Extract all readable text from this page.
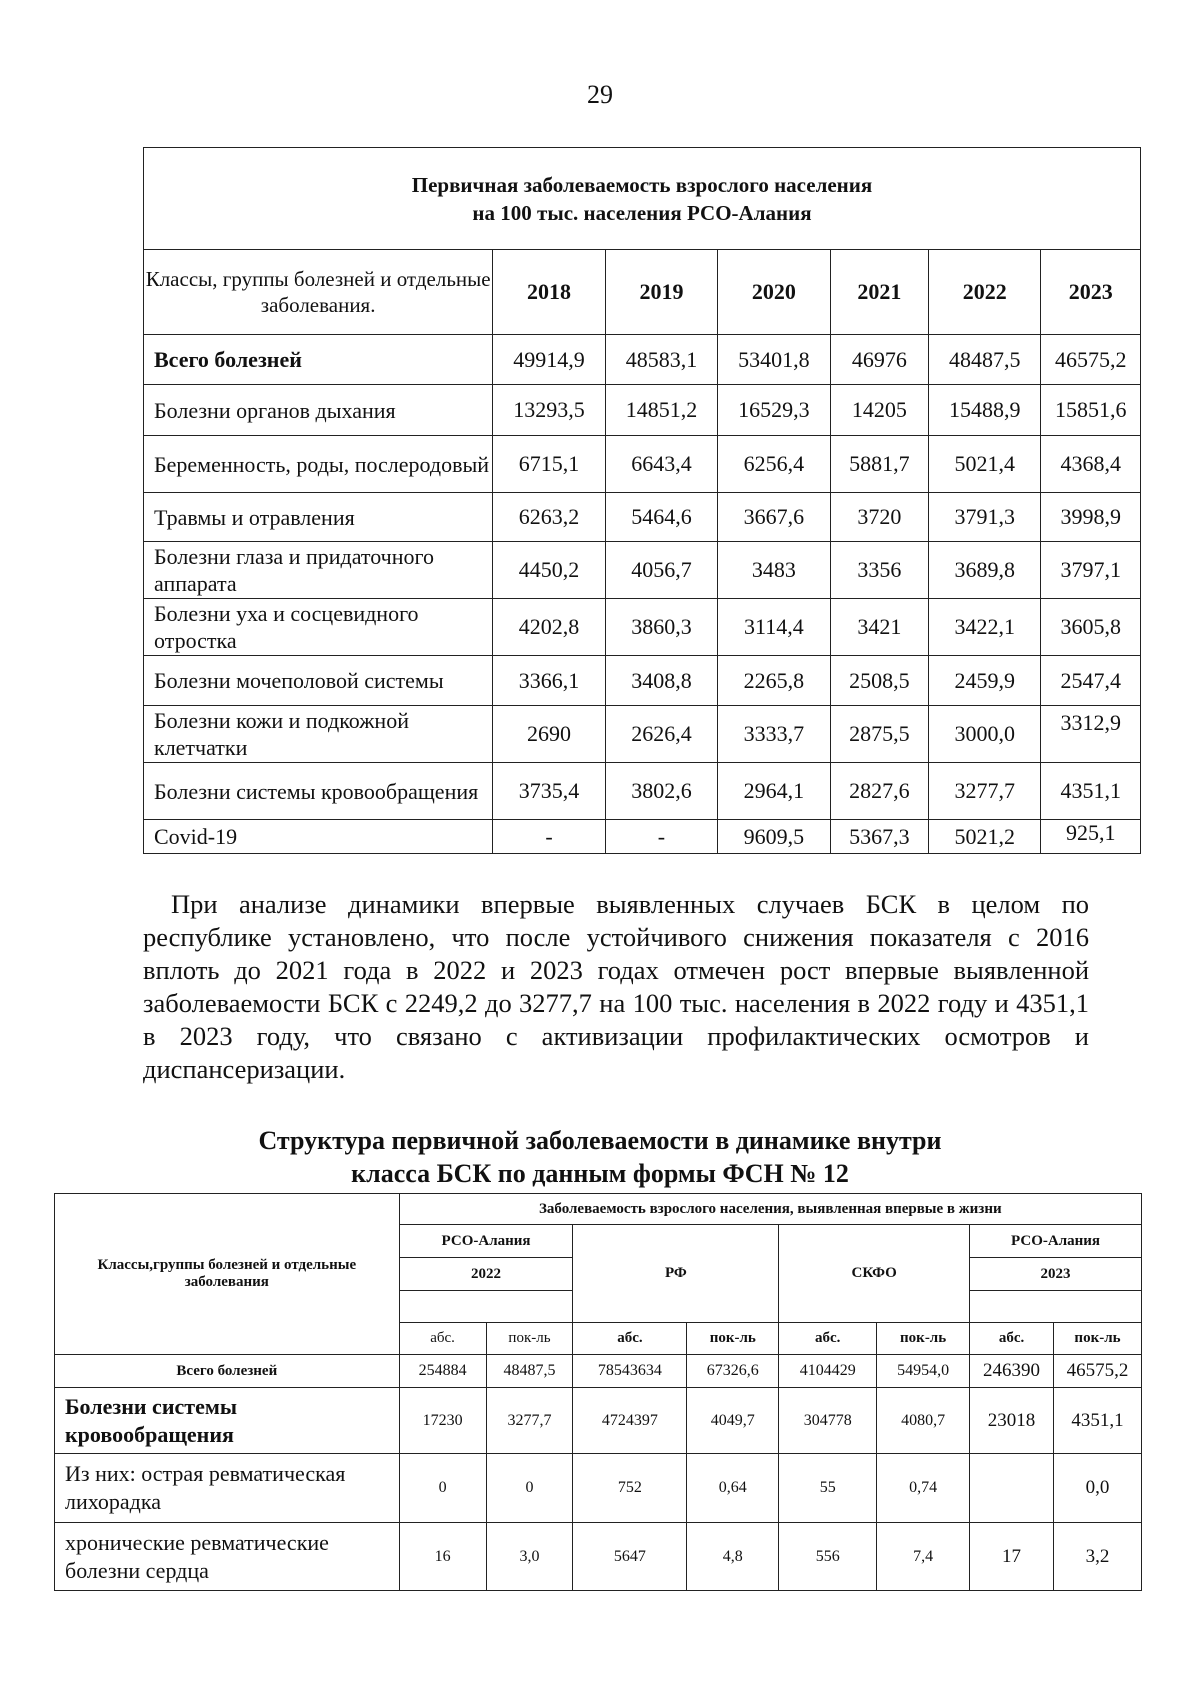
29
Первичная заболеваемость взрослого населения
на 100 тыс. населения РСО-Алания						
Классы, группы болезней и отдельные заболевания.	2018	2019	2020	2021	2022	2023
Всего болезней	49914,9	48583,1	53401,8	46976	48487,5	46575,2
Болезни органов дыхания	13293,5	14851,2	16529,3	14205	15488,9	15851,6
Беременность, роды, послеродовый	6715,1	6643,4	6256,4	5881,7	5021,4	4368,4
Травмы и отравления	6263,2	5464,6	3667,6	3720	3791,3	3998,9
Болезни глаза и придаточного аппарата	4450,2	4056,7	3483	3356	3689,8	3797,1
Болезни уха и сосцевидного отростка	4202,8	3860,3	3114,4	3421	3422,1	3605,8
Болезни мочеполовой системы	3366,1	3408,8	2265,8	2508,5	2459,9	2547,4
Болезни кожи и подкожной клетчатки	2690	2626,4	3333,7	2875,5	3000,0	3312,9
Болезни системы кровообращения	3735,4	3802,6	2964,1	2827,6	3277,7	4351,1
Covid-19	-	-	9609,5	5367,3	5021,2	925,1
При анализе динамики впервые выявленных случаев БСК в целом по республике установлено, что после устойчивого снижения показателя с 2016 вплоть до 2021 года в 2022 и 2023 годах отмечен рост впервые выявленной заболеваемости БСК с 2249,2 до 3277,7 на 100 тыс. населения в 2022 году и 4351,1 в 2023 году, что связано с активизации профилактических осмотров и диспансеризации.
Структура первичной заболеваемости в динамике внутри
класса БСК по данным формы ФСН № 12
Классы,группы болезней и отдельные заболевания	Заболеваемость взрослого населения, выявленная впервые в жизни							
	РСО-Алания		РФ		СКФО		РСО-Алания	
	2022						2023	

	абс.	пок-ль	абс.	пок-ль	абс.	пок-ль	абс.	пок-ль
Всего болезней	254884	48487,5	78543634	67326,6	4104429	54954,0	246390	46575,2
Болезни системы кровообращения	17230	3277,7	4724397	4049,7	304778	4080,7	23018	4351,1
Из них: острая ревматическая лихорадка	0	0	752	0,64	55	0,74		0,0
хронические ревматические болезни сердца	16	3,0	5647	4,8	556	7,4	17	3,2
